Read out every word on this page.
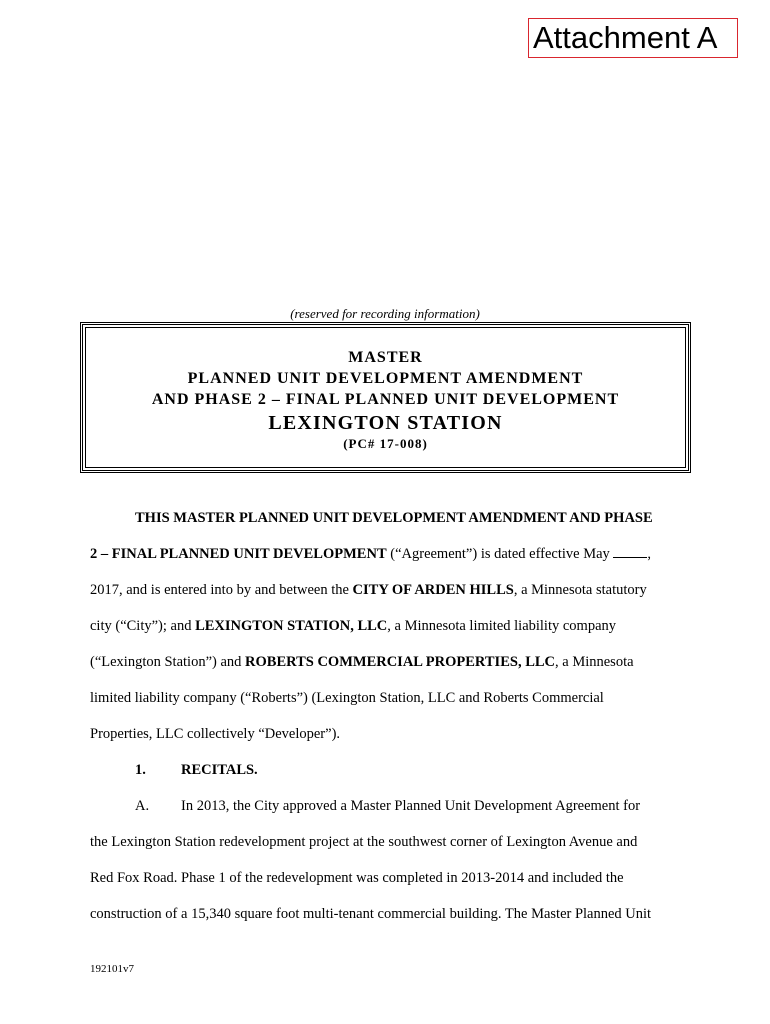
Attachment A
(reserved for recording information)
MASTER
PLANNED UNIT DEVELOPMENT AMENDMENT
AND PHASE 2 – FINAL PLANNED UNIT DEVELOPMENT
LEXINGTON STATION
(PC# 17-008)
THIS MASTER PLANNED UNIT DEVELOPMENT AMENDMENT AND PHASE
2 – FINAL PLANNED UNIT DEVELOPMENT (“Agreement”) is dated effective May ,
2017, and is entered into by and between the CITY OF ARDEN HILLS, a Minnesota statutory
city (“City”); and LEXINGTON STATION, LLC, a Minnesota limited liability company
(“Lexington Station”) and ROBERTS COMMERCIAL PROPERTIES, LLC, a Minnesota
limited liability company (“Roberts”) (Lexington Station, LLC and Roberts Commercial
Properties, LLC collectively “Developer”).
1. RECITALS.
A. In 2013, the City approved a Master Planned Unit Development Agreement for
the Lexington Station redevelopment project at the southwest corner of Lexington Avenue and
Red Fox Road. Phase 1 of the redevelopment was completed in 2013-2014 and included the
construction of a 15,340 square foot multi-tenant commercial building. The Master Planned Unit
192101v7
